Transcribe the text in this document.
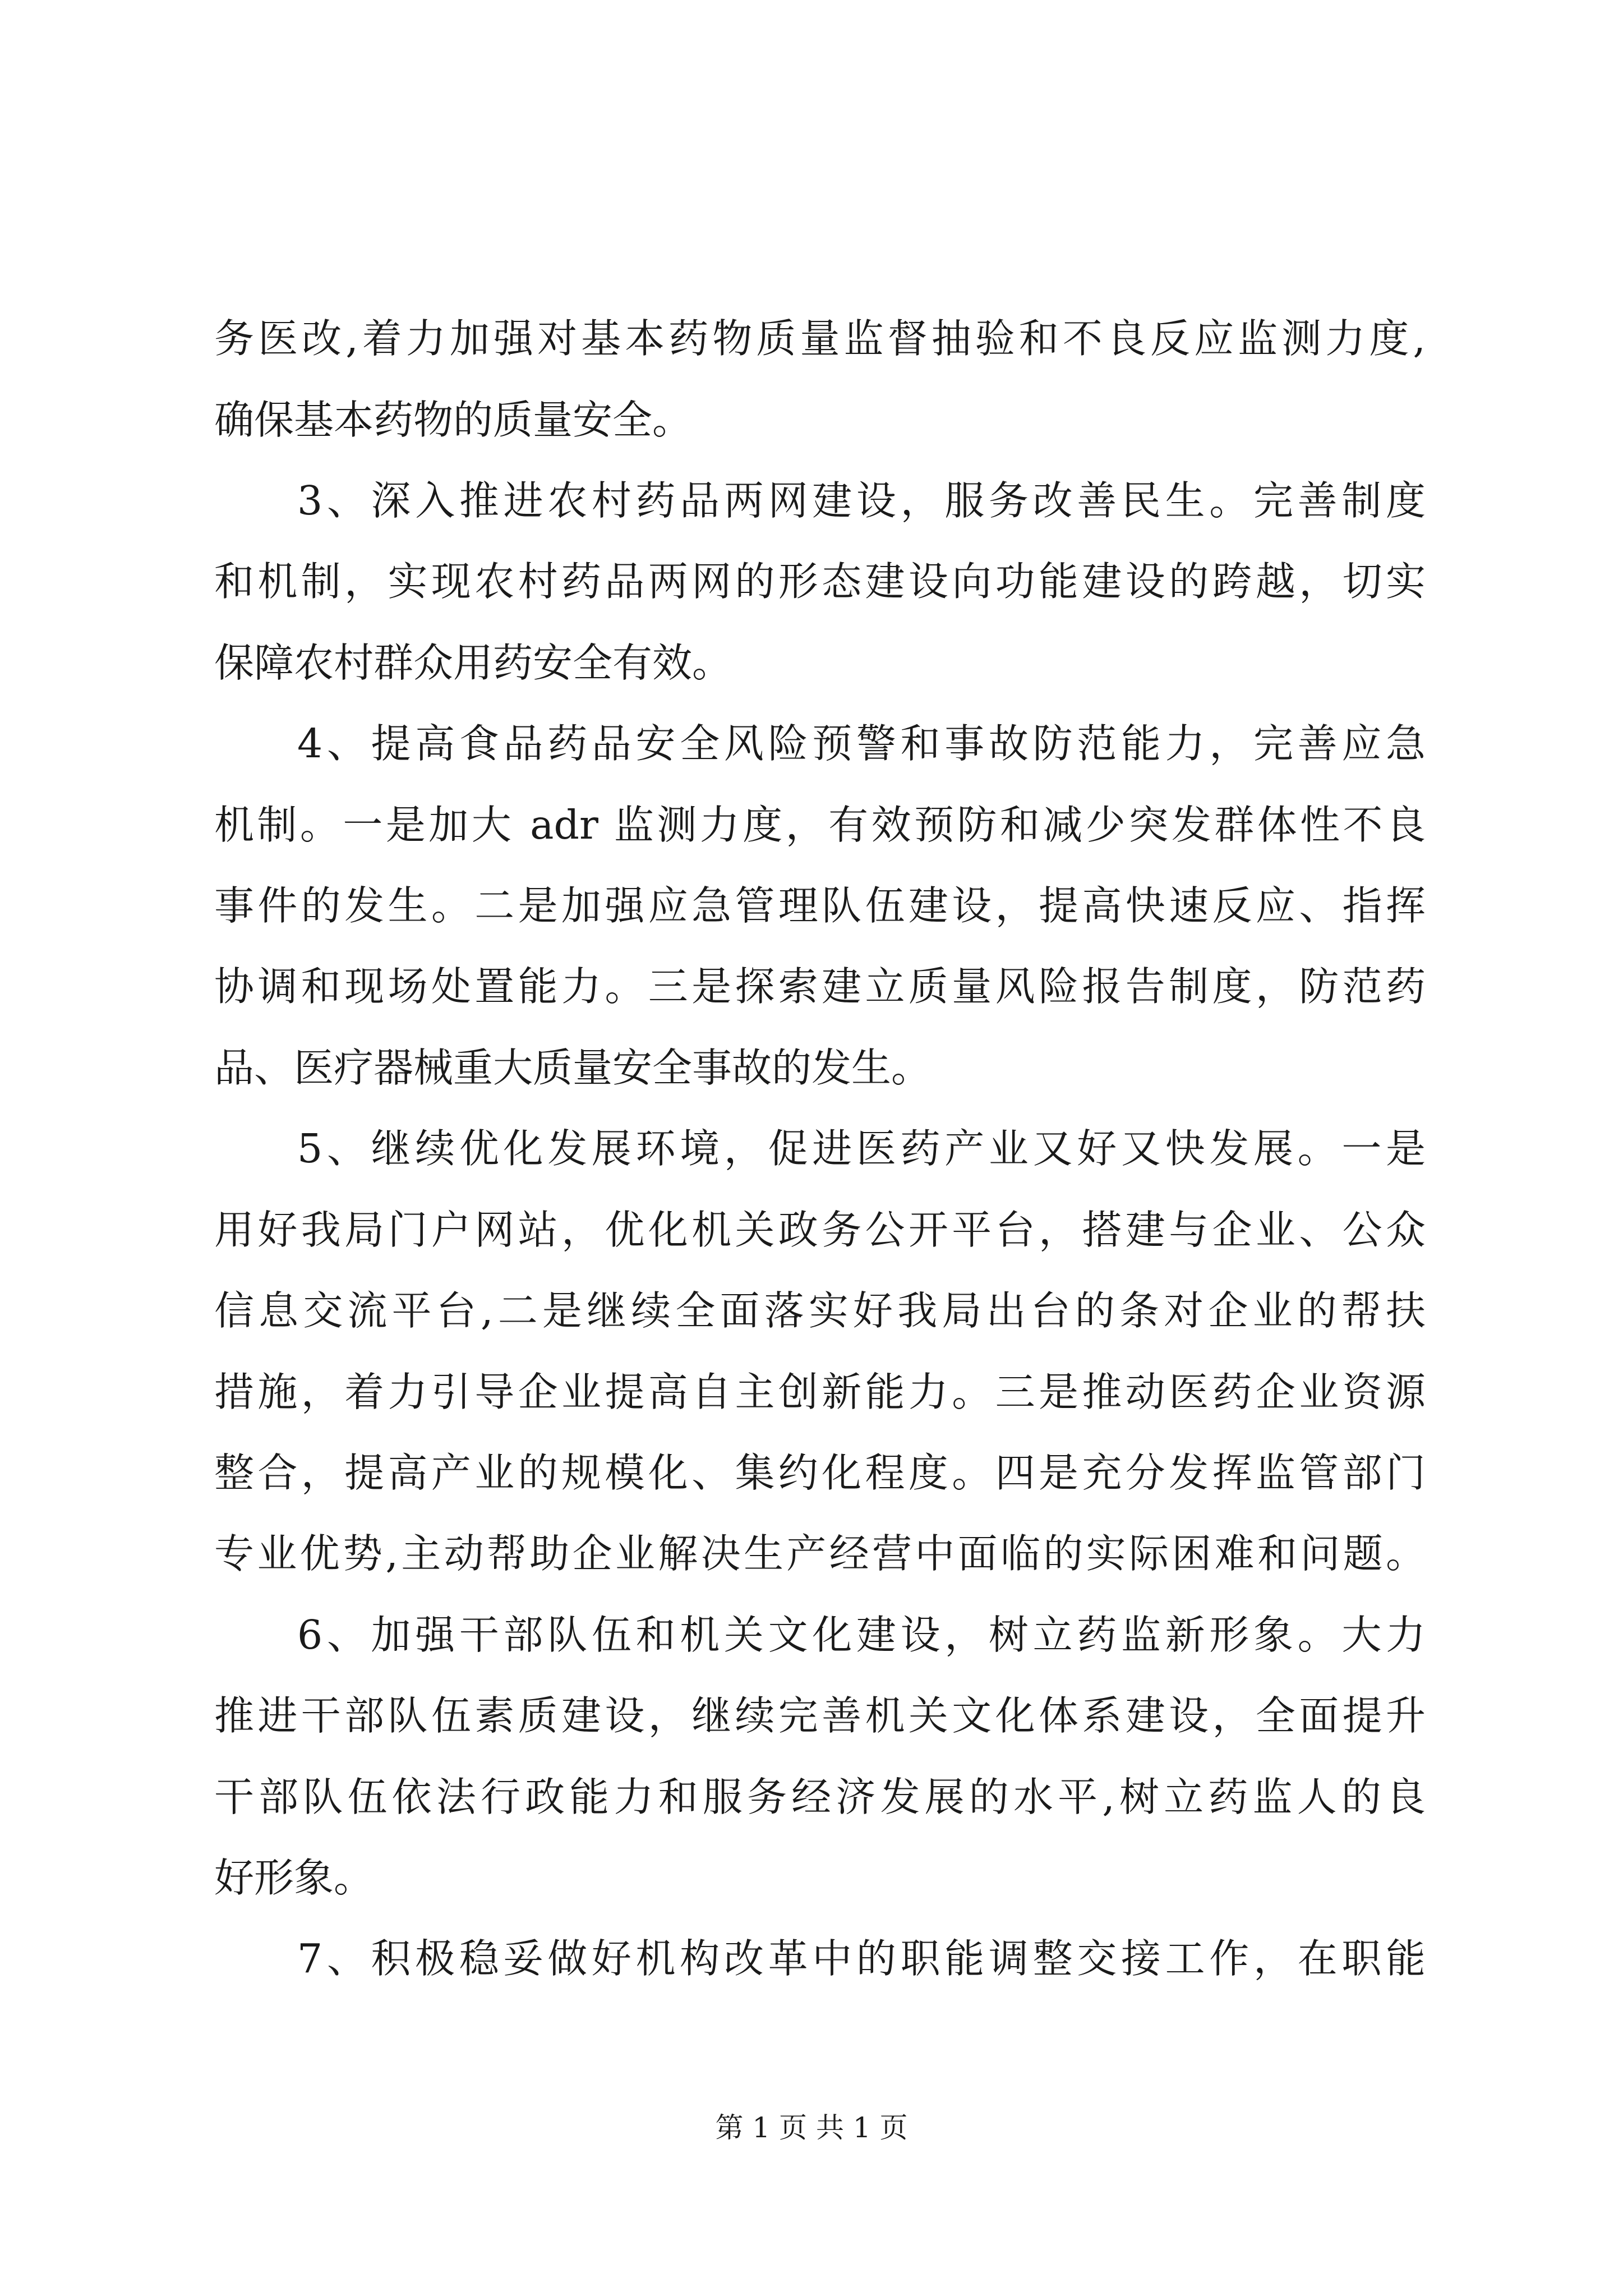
务医改,着力加强对基本药物质量监督抽验和不良反应监测力度,
确保基本药物的质量安全。
3、深入推进农村药品两网建设，服务改善民生。完善制度
和机制，实现农村药品两网的形态建设向功能建设的跨越，切实
保障农村群众用药安全有效。
4、提高食品药品安全风险预警和事故防范能力，完善应急
机制。一是加大 adr 监测力度，有效预防和减少突发群体性不良
事件的发生。二是加强应急管理队伍建设，提高快速反应、指挥
协调和现场处置能力。三是探索建立质量风险报告制度，防范药
品、医疗器械重大质量安全事故的发生。
5、继续优化发展环境，促进医药产业又好又快发展。一是
用好我局门户网站，优化机关政务公开平台，搭建与企业、公众
信息交流平台,二是继续全面落实好我局出台的条对企业的帮扶
措施，着力引导企业提高自主创新能力。三是推动医药企业资源
整合，提高产业的规模化、集约化程度。四是充分发挥监管部门
专业优势,主动帮助企业解决生产经营中面临的实际困难和问题。
6、加强干部队伍和机关文化建设，树立药监新形象。大力
推进干部队伍素质建设，继续完善机关文化体系建设，全面提升
干部队伍依法行政能力和服务经济发展的水平,树立药监人的良
好形象。
7、积极稳妥做好机构改革中的职能调整交接工作，在职能
第 1 页 共 1 页
